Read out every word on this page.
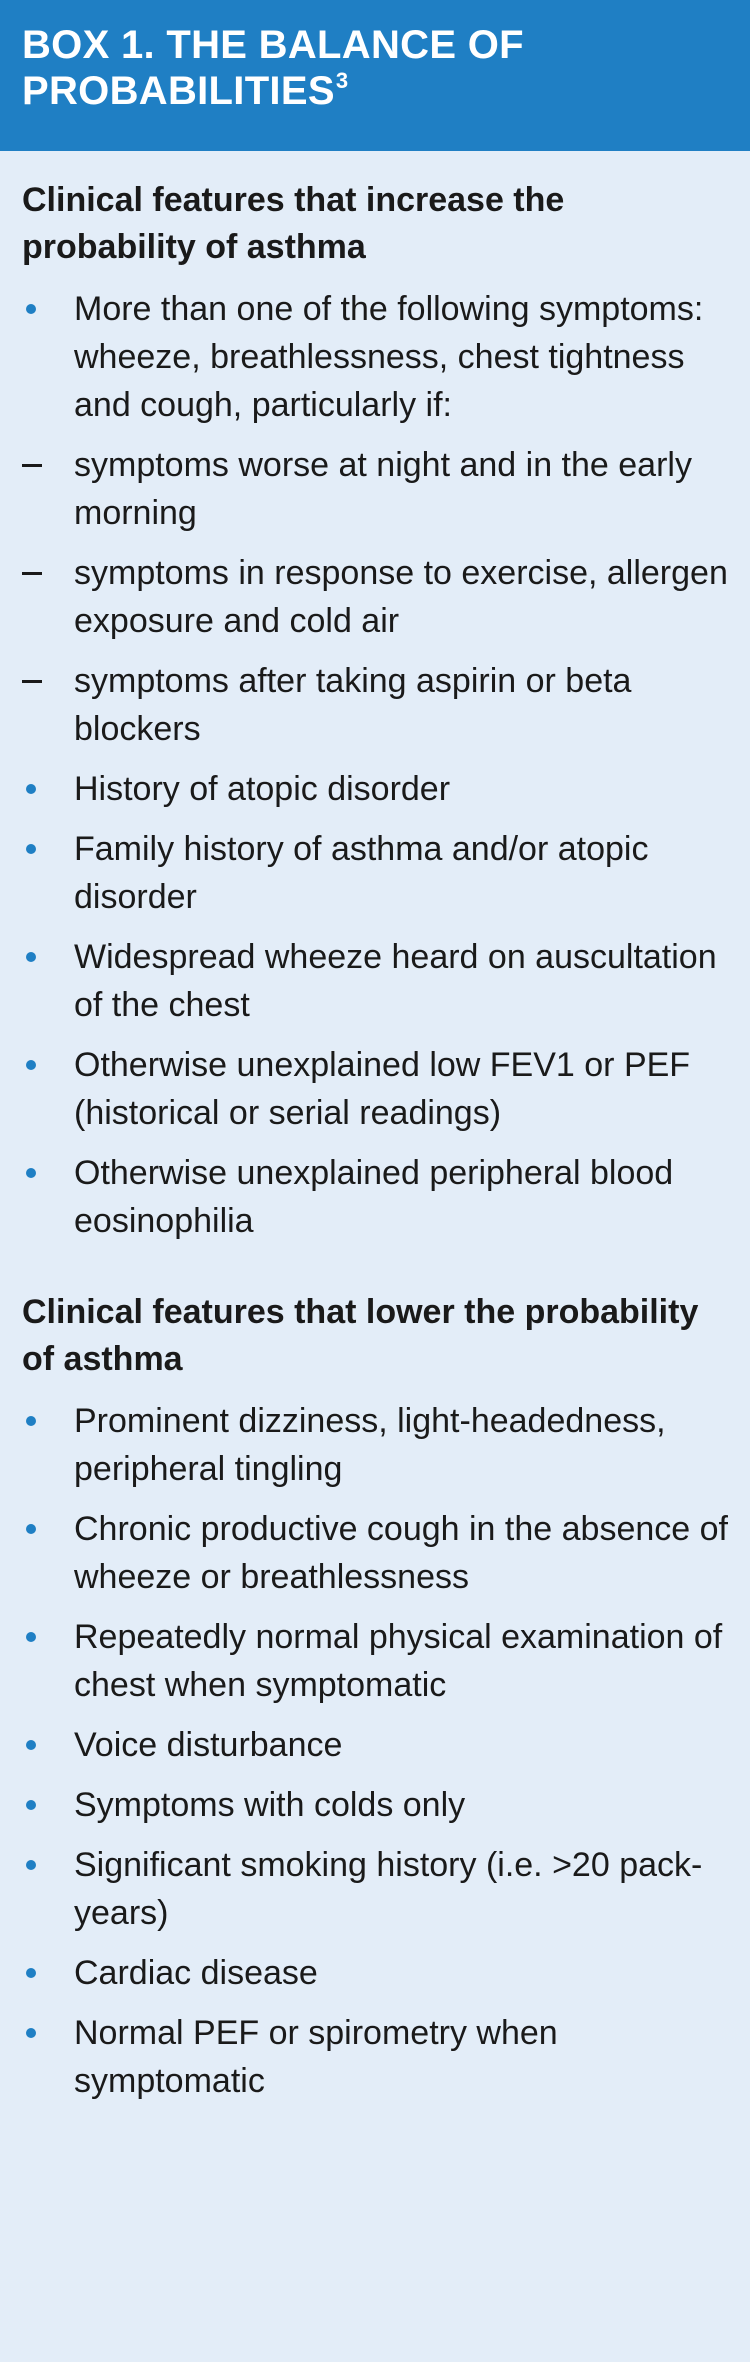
BOX 1. THE BALANCE OF PROBABILITIES$^3$
Clinical features that increase the probability of asthma
More than one of the following symptoms: wheeze, breathlessness, chest tightness and cough, particularly if:
symptoms worse at night and in the early morning
symptoms in response to exercise, allergen exposure and cold air
symptoms after taking aspirin or beta blockers
History of atopic disorder
Family history of asthma and/or atopic disorder
Widespread wheeze heard on auscultation of the chest
Otherwise unexplained low FEV1 or PEF (historical or serial readings)
Otherwise unexplained peripheral blood eosinophilia
Clinical features that lower the probability of asthma
Prominent dizziness, light-headedness, peripheral tingling
Chronic productive cough in the absence of wheeze or breathlessness
Repeatedly normal physical examination of chest when symptomatic
Voice disturbance
Symptoms with colds only
Significant smoking history (i.e. >20 pack-years)
Cardiac disease
Normal PEF or spirometry when symptomatic
